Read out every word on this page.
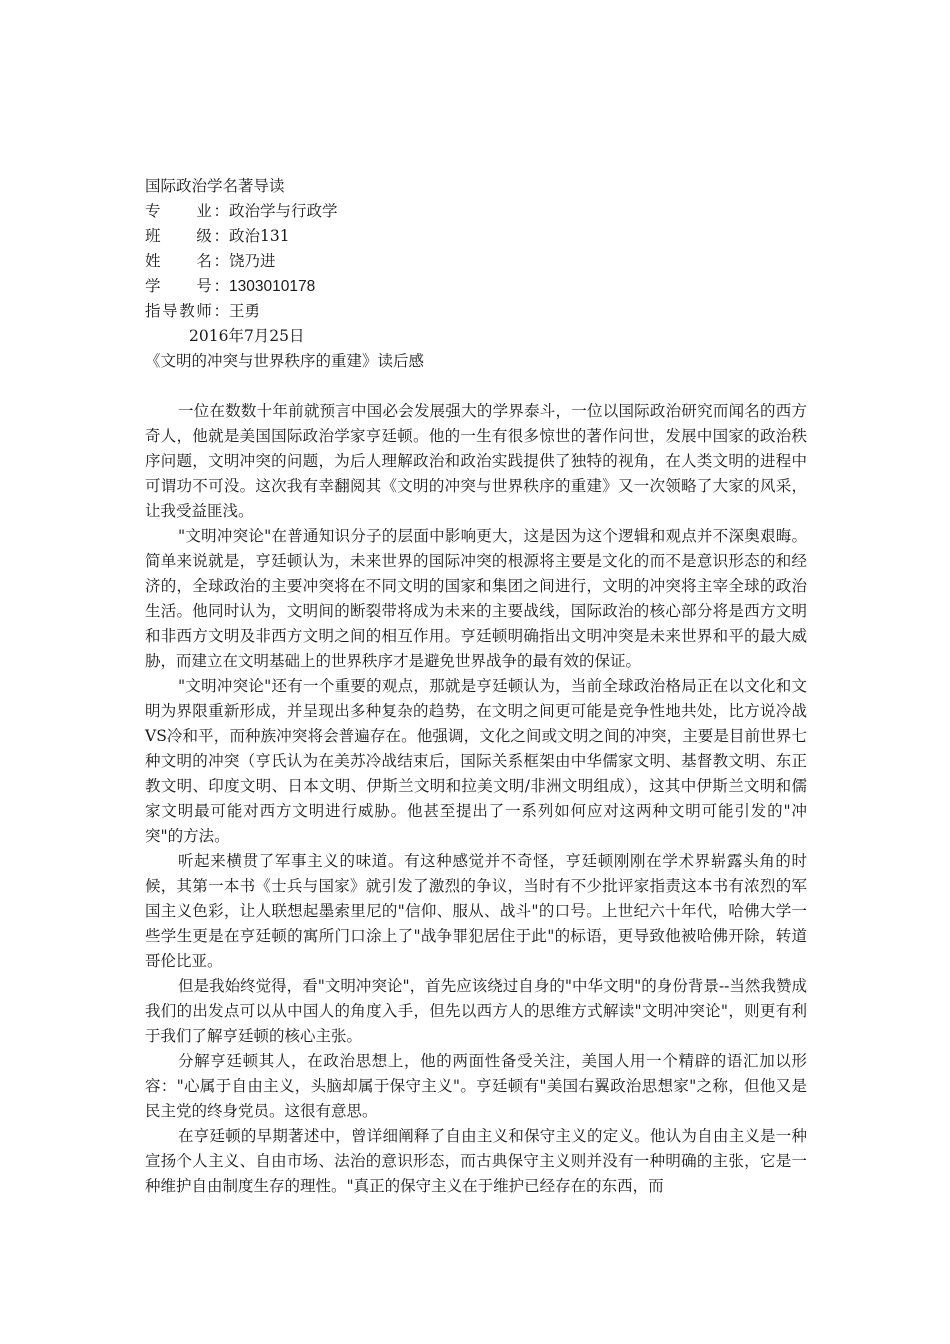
国际政治学名著导读
专　　业： 政治学与行政学
班　　级： 政治131
姓　　名： 饶乃进
学　　号： 1303010178
指导教师： 王勇
2016年7月25日
《文明的冲突与世界秩序的重建》读后感

一位在数数十年前就预言中国必会发展强大的学界泰斗，一位以国际政治研究而闻名的西方奇人，他就是美国国际政治学家亨廷顿。他的一生有很多惊世的著作问世，发展中国家的政治秩序问题，文明冲突的问题，为后人理解政治和政治实践提供了独特的视角，在人类文明的进程中可谓功不可没。这次我有幸翻阅其《文明的冲突与世界秩序的重建》又一次领略了大家的风采，让我受益匪浅。

"文明冲突论"在普通知识分子的层面中影响更大，这是因为这个逻辑和观点并不深奥艰晦。简单来说就是，亨廷顿认为，未来世界的国际冲突的根源将主要是文化的而不是意识形态的和经济的，全球政治的主要冲突将在不同文明的国家和集团之间进行，文明的冲突将主宰全球的政治生活。他同时认为，文明间的断裂带将成为未来的主要战线，国际政治的核心部分将是西方文明和非西方文明及非西方文明之间的相互作用。亨廷顿明确指出文明冲突是未来世界和平的最大威胁，而建立在文明基础上的世界秩序才是避免世界战争的最有效的保证。

"文明冲突论"还有一个重要的观点，那就是亨廷顿认为，当前全球政治格局正在以文化和文明为界限重新形成，并呈现出多种复杂的趋势，在文明之间更可能是竞争性地共处，比方说冷战VS冷和平，而种族冲突将会普遍存在。他强调，文化之间或文明之间的冲突，主要是目前世界七种文明的冲突（亨氏认为在美苏冷战结束后，国际关系框架由中华儒家文明、基督教文明、东正教文明、印度文明、日本文明、伊斯兰文明和拉美文明/非洲文明组成），这其中伊斯兰文明和儒家文明最可能对西方文明进行威胁。他甚至提出了一系列如何应对这两种文明可能引发的"冲突"的方法。

听起来横贯了军事主义的味道。有这种感觉并不奇怪，亨廷顿刚刚在学术界崭露头角的时候，其第一本书《士兵与国家》就引发了激烈的争议，当时有不少批评家指责这本书有浓烈的军国主义色彩，让人联想起墨索里尼的"信仰、服从、战斗"的口号。上世纪六十年代，哈佛大学一些学生更是在亨廷顿的寓所门口涂上了"战争罪犯居住于此"的标语，更导致他被哈佛开除，转道哥伦比亚。

但是我始终觉得，看"文明冲突论"，首先应该绕过自身的"中华文明"的身份背景--当然我赞成我们的出发点可以从中国人的角度入手，但先以西方人的思维方式解读"文明冲突论"，则更有利于我们了解亨廷顿的核心主张。

分解亨廷顿其人，在政治思想上，他的两面性备受关注，美国人用一个精辟的语汇加以形容："心属于自由主义，头脑却属于保守主义"。亨廷顿有"美国右翼政治思想家"之称，但他又是民主党的终身党员。这很有意思。

在亨廷顿的早期著述中，曾详细阐释了自由主义和保守主义的定义。他认为自由主义是一种宣扬个人主义、自由市场、法治的意识形态，而古典保守主义则并没有一种明确的主张，它是一种维护自由制度生存的理性。"真正的保守主义在于维护已经存在的东西，而
